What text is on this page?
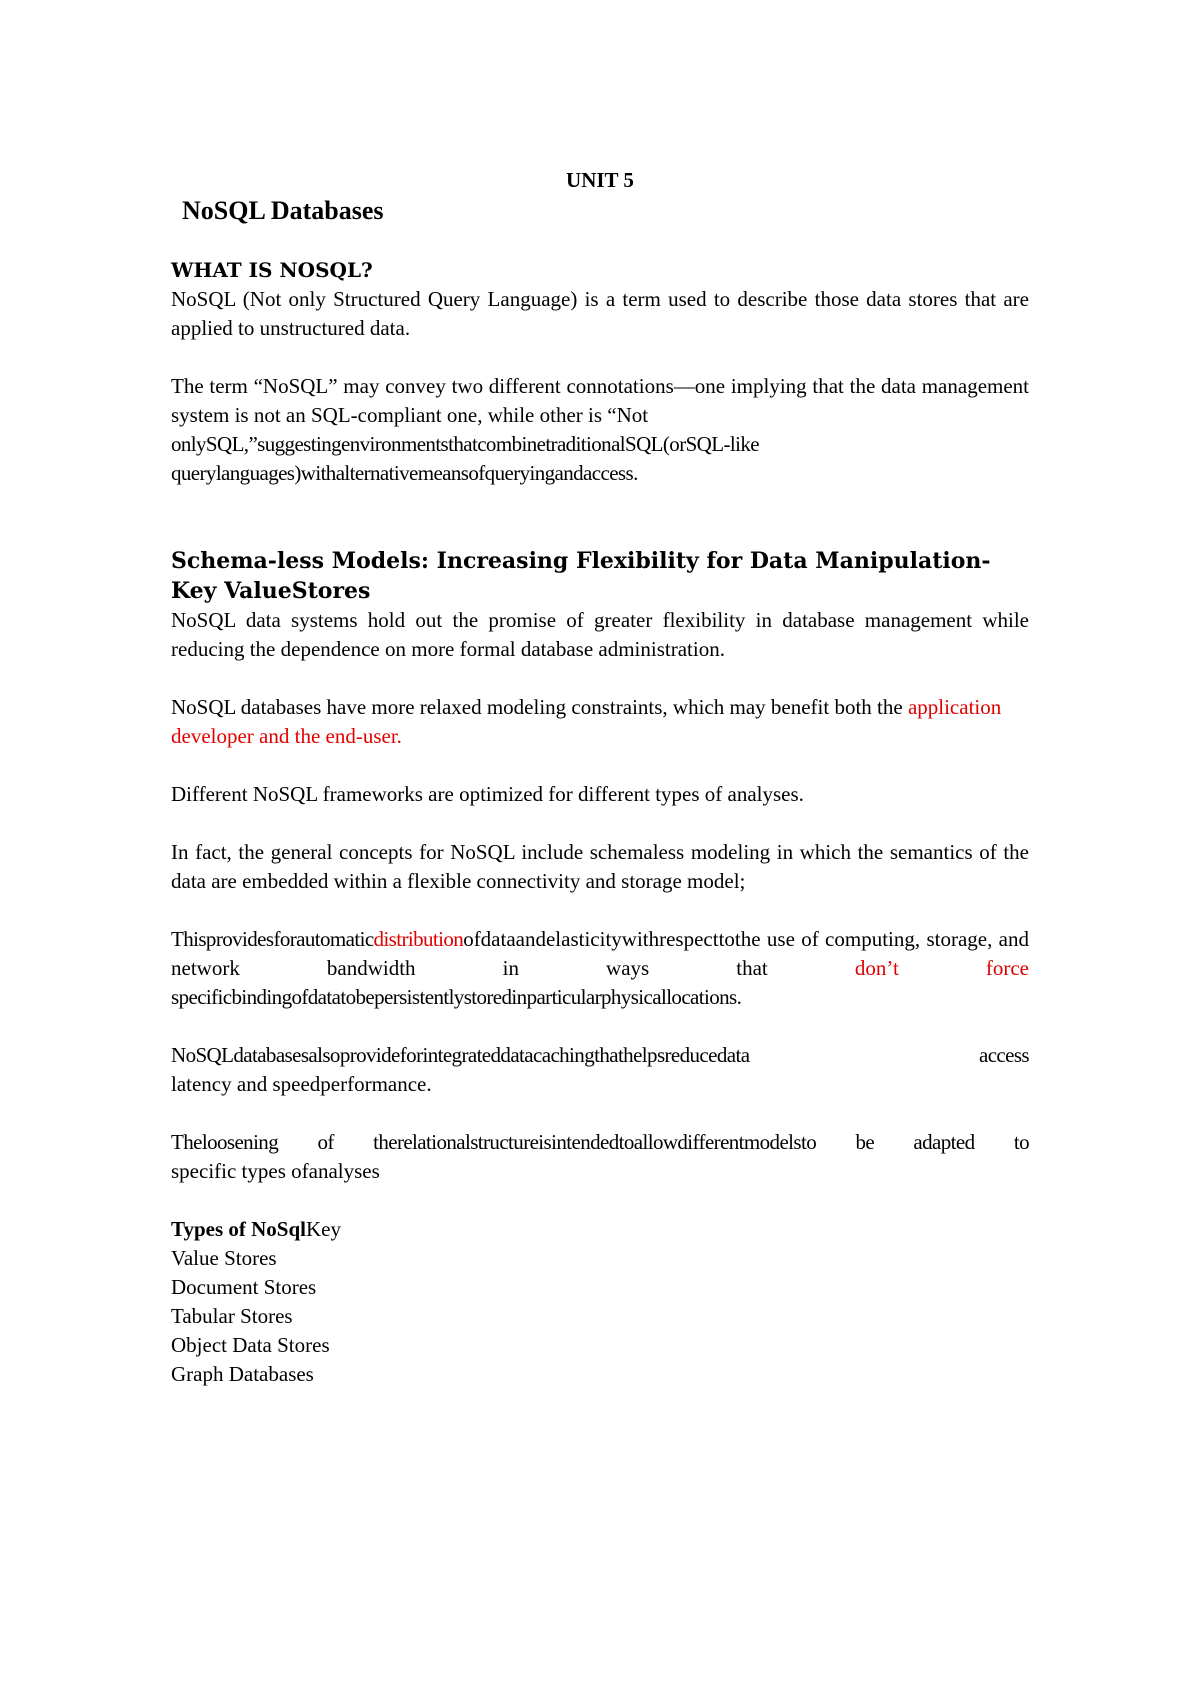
UNIT 5
NoSQL Databases

WHAT IS NOSQL?

NoSQL (Not only Structured Query Language) is a term used to describe those data stores that are applied to unstructured data.

The term “NoSQL” may convey two different connotations—one implying that the data management system is not an SQL-compliant one, while other is “Not

onlySQL,”suggestingenvironmentsthatcombinetraditionalSQL(orSQL-like

querylanguages)withalternativemeansofqueryingandaccess.

Schema-less Models: Increasing Flexibility for Data Manipulation-Key ValueStores

NoSQL data systems hold out the promise of greater flexibility in database management while reducing the dependence on more formal database administration.

NoSQL databases have more relaxed modeling constraints, which may benefit both the application developer and the end-user.

Different NoSQL frameworks are optimized for different types of analyses.

In fact, the general concepts for NoSQL include schemaless modeling in which the semantics of the data are embedded within a flexible connectivity and storage model;

Thisprovidesforautomaticdistributionofdataandelasticitywithrespecttothe use of computing, storage, and network bandwidth in ways that	don’t force specificbindingofdatatobepersistentlystoredinparticularphysicallocations.

NoSQLdatabasesalsoprovideforintegrateddatacachingthathelpsreducedata access

latency and speedperformance.

Theloosening of therelationalstructureisintendedtoallowdifferentmodelsto be adapted to

specific types ofanalyses

Types of NoSqlKey

Value Stores
Document Stores
Tabular Stores
Object Data Stores
Graph Databases
